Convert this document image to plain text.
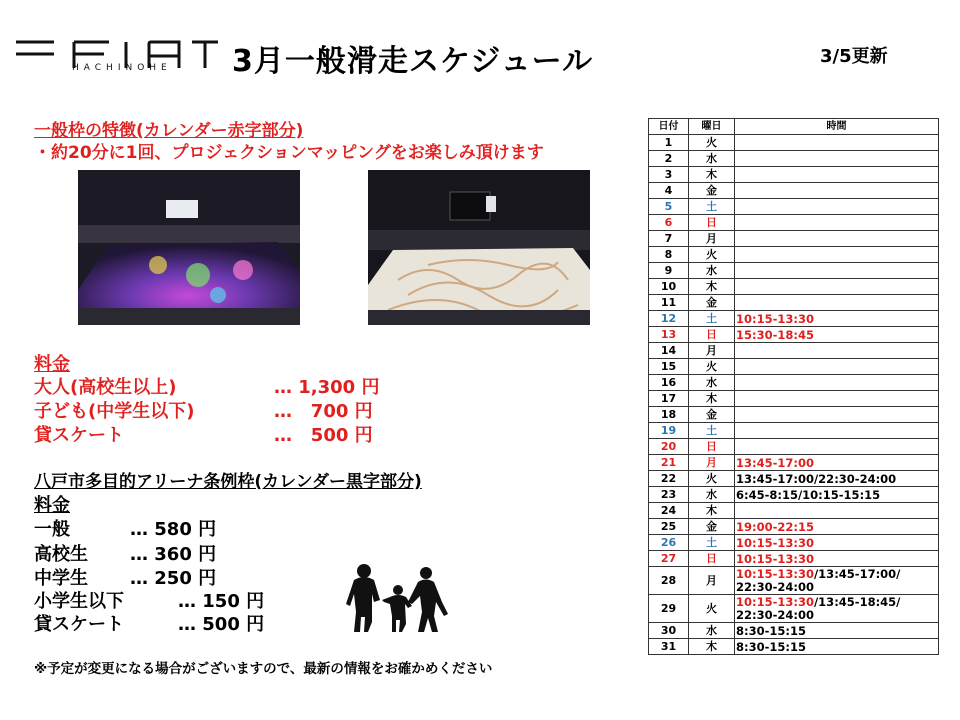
HACHINOHE 3月一般滑走スケジュール	3/5更新
一般枠の特徴(カレンダー赤字部分)
・約20分に1回、プロジェクションマッピングをお楽しみ頂けます
料金
大人(高校生以上)	… 1,300 円
子ども(中学生以下)	…   700 円
貸スケート	…   500 円
八戸市多目的アリーナ条例枠(カレンダー黒字部分)
料金
一般	… 580 円
高校生 … 360 円
中学生 … 250 円
小学生以下	… 150 円
貸スケート	… 500 円
※予定が変更になる場合がございますので、最新の情報をお確かめください
日付	曜日	時間
1	火	
2	水	
3	木	
4	金	
5	土	
6	日	
7	月	
8	火	
9	水	
10	木	
11	金	
12	土	10:15-13:30
13	日	15:30-18:45
14	月	
15	火	
16	水	
17	木	
18	金	
19	土	
20	日	
21	月	13:45-17:00
22	火	13:45-17:00/22:30-24:00
23	水	6:45-8:15/10:15-15:15
24	木	
25	金	19:00-22:15
26	土	10:15-13:30
27	日	10:15-13:30
28	月	10:15-13:30/13:45-17:00/ 22:30-24:00
29	火	10:15-13:30/13:45-18:45/ 22:30-24:00
30	水	8:30-15:15
31	木	8:30-15:15
